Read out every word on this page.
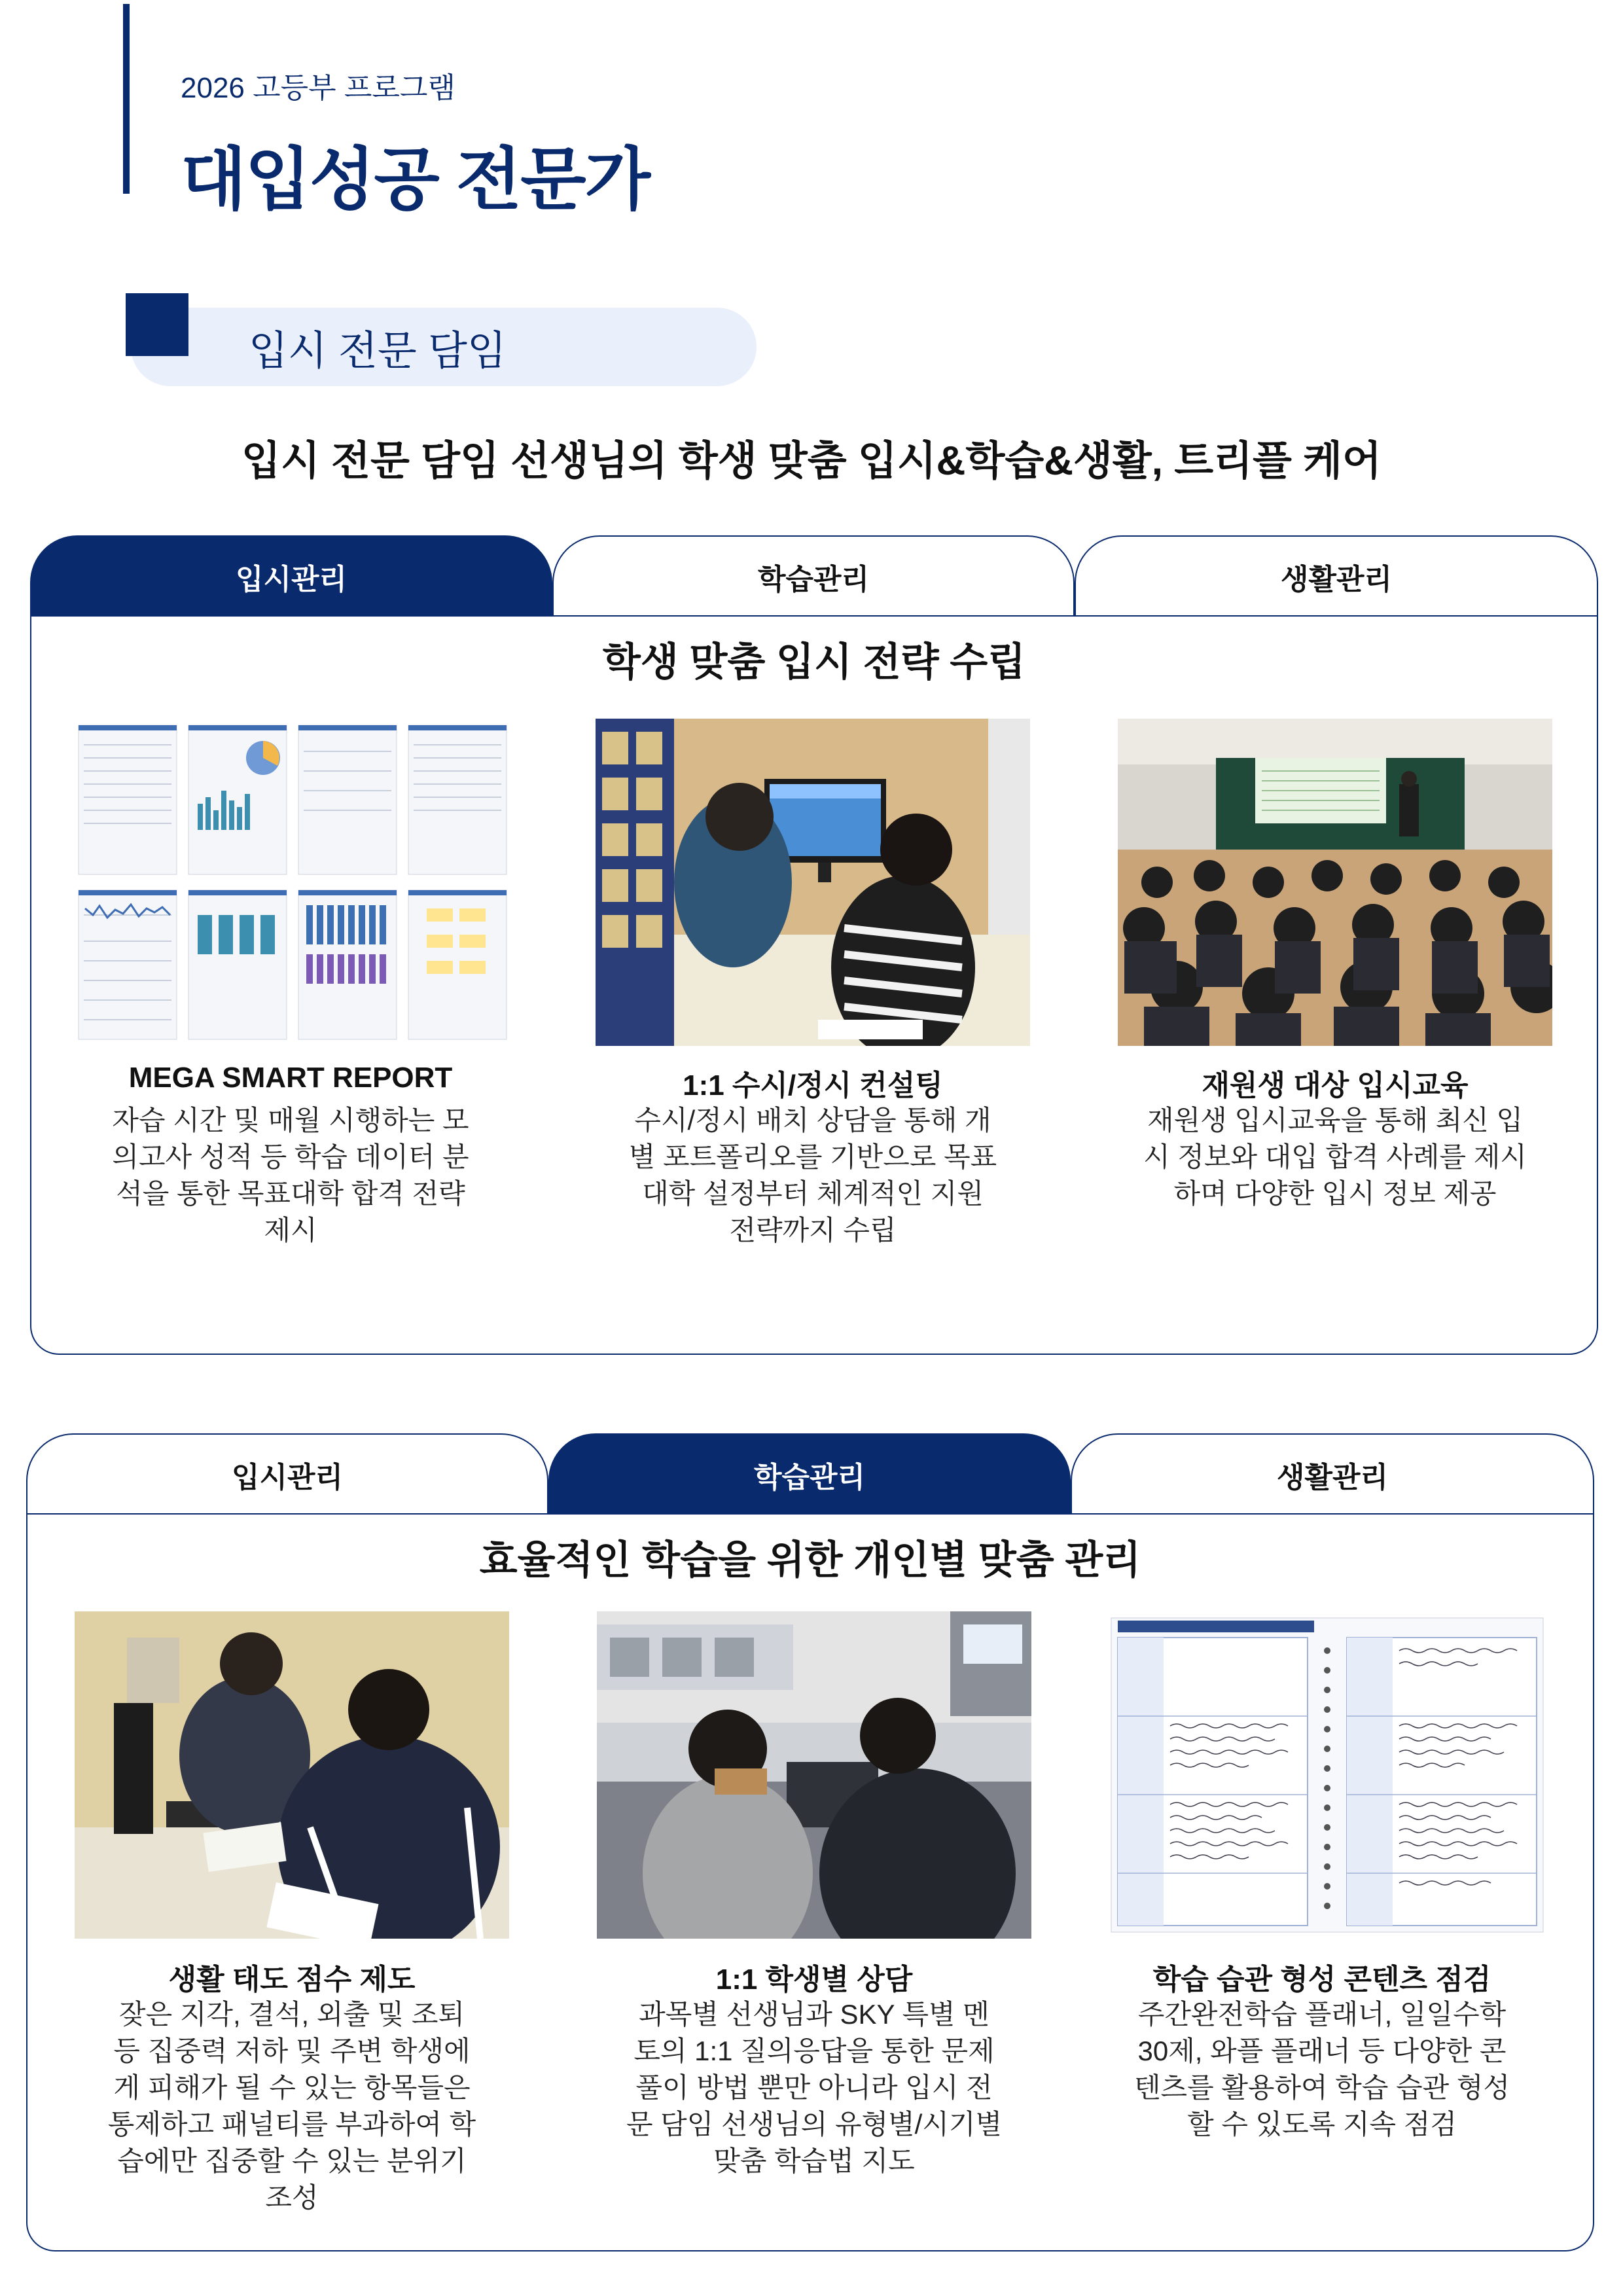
2026 고등부 프로그램
대입성공 전문가
입시 전문 담임
입시 전문 담임 선생님의 학생 맞춤 입시&학습&생활, 트리플 케어
입시관리	학습관리	생활관리
학생 맞춤 입시 전략 수립
MEGA SMART REPORT
자습 시간 및 매월 시행하는 모의고사 성적 등 학습 데이터 분석을 통한 목표대학 합격 전략 제시
1:1 수시/정시 컨설팅
수시/정시 배치 상담을 통해 개별 포트폴리오를 기반으로 목표 대학 설정부터 체계적인 지원 전략까지 수립
재원생 대상 입시교육
재원생 입시교육을 통해 최신 입시 정보와 대입 합격 사례를 제시하며 다양한 입시 정보 제공
입시관리	학습관리	생활관리
효율적인 학습을 위한 개인별 맞춤 관리
생활 태도 점수 제도
잦은 지각, 결석, 외출 및 조퇴 등 집중력 저하 및 주변 학생에게 피해가 될 수 있는 항목들은 통제하고 패널티를 부과하여 학습에만 집중할 수 있는 분위기 조성
1:1 학생별 상담
과목별 선생님과 SKY 특별 멘토의 1:1 질의응답을 통한 문제 풀이 방법 뿐만 아니라 입시 전문 담임 선생님의 유형별/시기별 맞춤 학습법 지도
학습 습관 형성 콘텐츠 점검
주간완전학습 플래너, 일일수학 30제, 와플 플래너 등 다양한 콘텐츠를 활용하여 학습 습관 형성할 수 있도록 지속 점검
